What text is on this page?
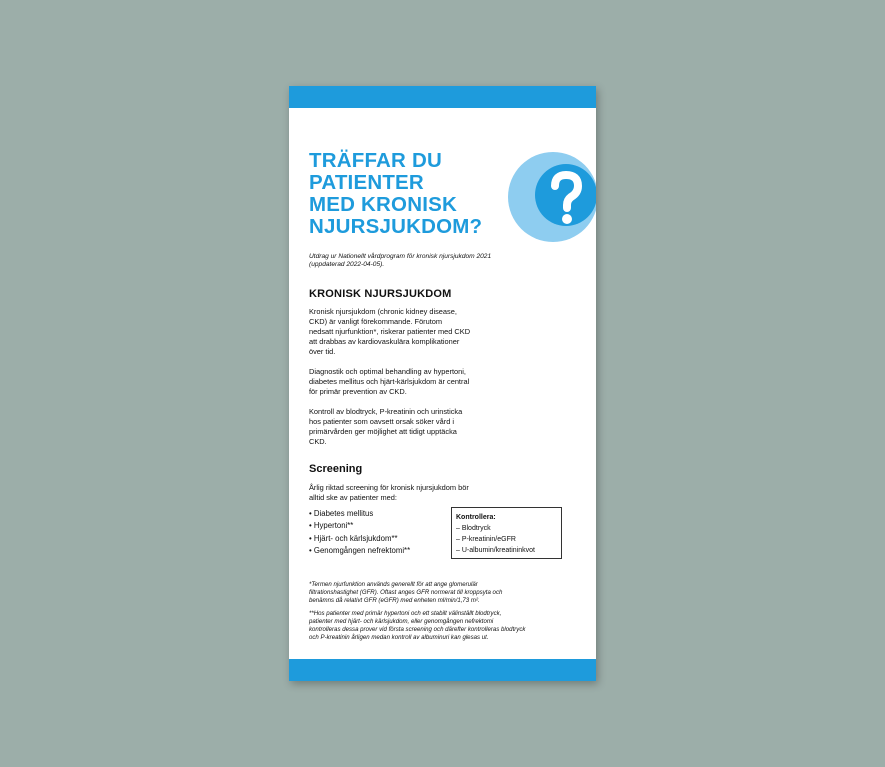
TRÄFFAR DU
PATIENTER
MED KRONISK
NJURSJUKDOM?

Utdrag ur Nationellt vårdprogram för kronisk njursjukdom 2021
(uppdaterad 2022-04-05).

KRONISK NJURSJUKDOM

Kronisk njursjukdom (chronic kidney disease,
CKD) är vanligt förekommande. Förutom
nedsatt njurfunktion*, riskerar patienter med CKD
att drabbas av kardiovaskulära komplikationer
över tid.

Diagnostik och optimal behandling av hypertoni,
diabetes mellitus och hjärt-kärlsjukdom är central
för primär prevention av CKD.

Kontroll av blodtryck, P-kreatinin och urinsticka
hos patienter som oavsett orsak söker vård i
primärvården ger möjlighet att tidigt upptäcka
CKD.

Screening

Årlig riktad screening för kronisk njursjukdom bör
alltid ske av patienter med:

• Diabetes mellitus
• Hypertoni**
• Hjärt- och kärlsjukdom**
• Genomgången nefrektomi**
Kontrollera:
– Blodtryck
– P-kreatinin/eGFR
– U-albumin/kreatininkvot

*Termen njurfunktion används generellt för att ange glomerulär
filtrationshastighet (GFR). Oftast anges GFR normerat till kroppsyta och
benämns då relativt GFR (eGFR) med enheten ml/min/1,73 m².

**Hos patienter med primär hypertoni och ett stabilt välinställt blodtryck,
patienter med hjärt- och kärlsjukdom, eller genomgången nefrektomi
kontrolleras dessa prover vid första screening och därefter kontrolleras blodtryck
och P-kreatinin årligen medan kontroll av albuminuri kan glesas ut.
